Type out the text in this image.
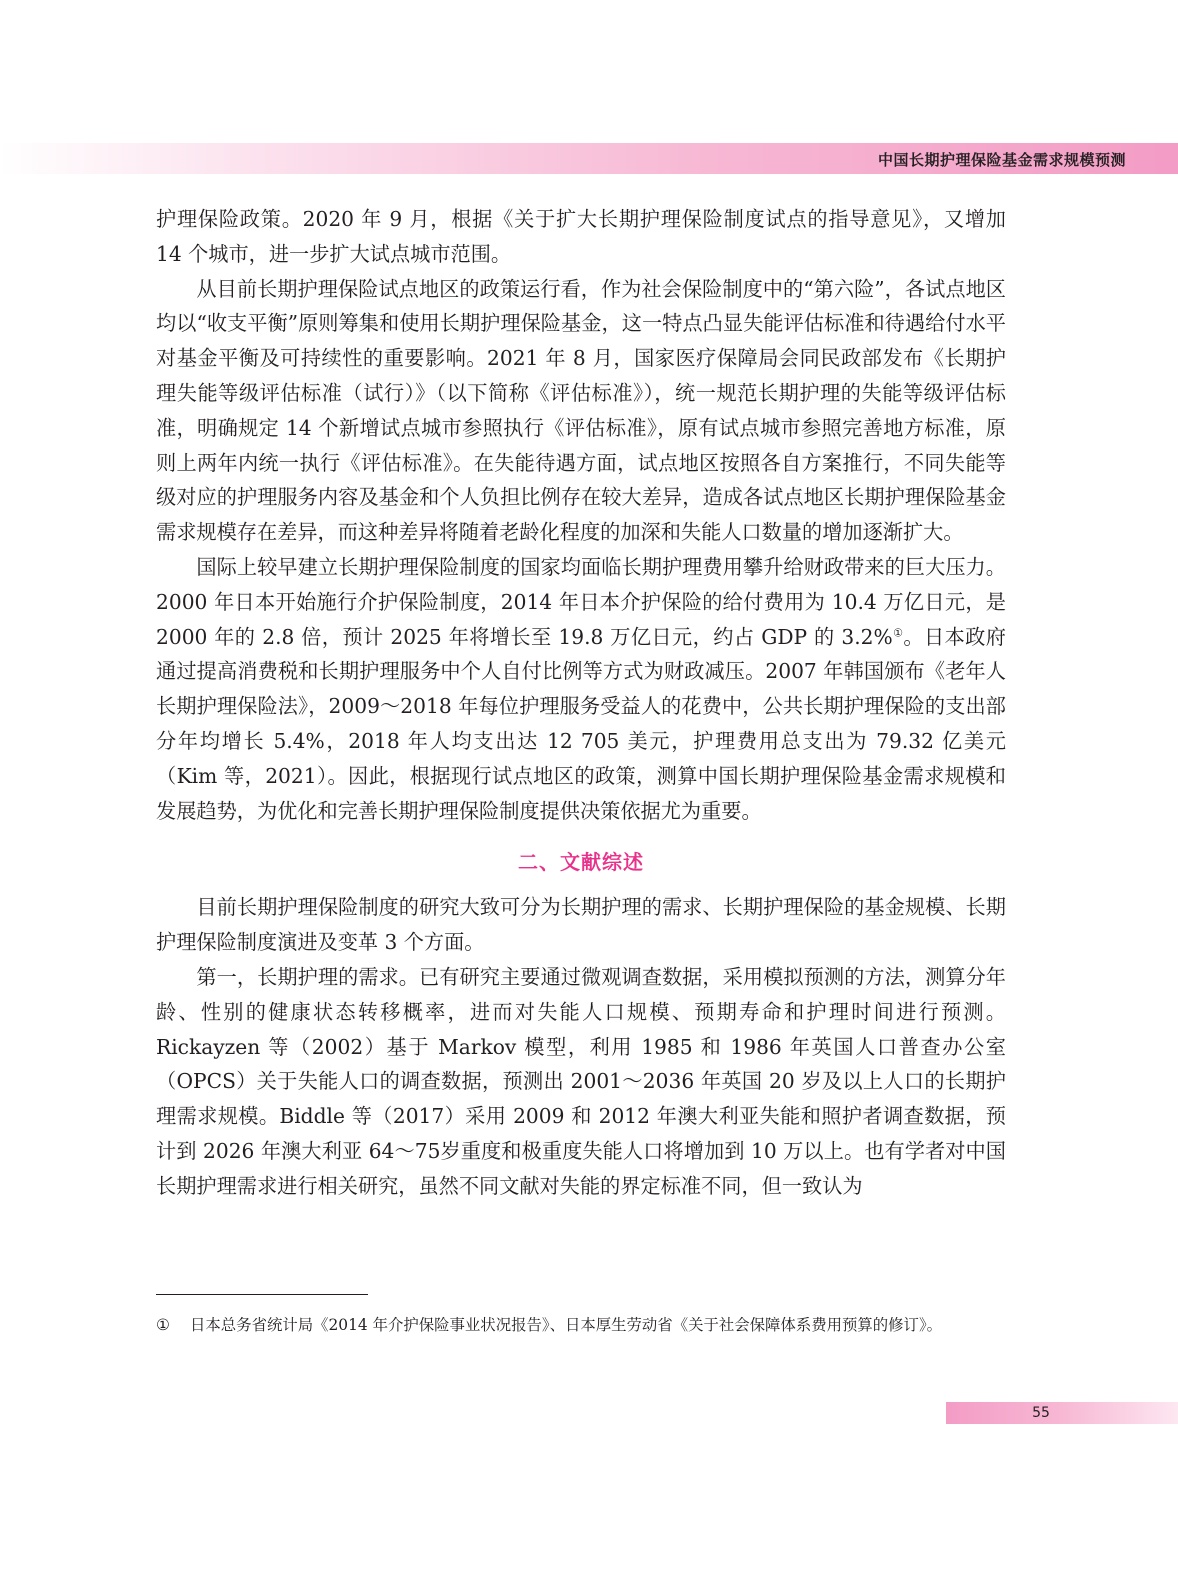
中国长期护理保险基金需求规模预测

护理保险政策。2020 年 9 月，根据《关于扩大长期护理保险制度试点的指导意见》，又增加 14 个城市，进一步扩大试点城市范围。

从目前长期护理保险试点地区的政策运行看，作为社会保险制度中的“第六险”，各试点地区均以“收支平衡”原则筹集和使用长期护理保险基金，这一特点凸显失能评估标准和待遇给付水平对基金平衡及可持续性的重要影响。2021 年 8 月，国家医疗保障局会同民政部发布《长期护理失能等级评估标准（试行）》（以下简称《评估标准》），统一规范长期护理的失能等级评估标准，明确规定 14 个新增试点城市参照执行《评估标准》，原有试点城市参照完善地方标准，原则上两年内统一执行《评估标准》。在失能待遇方面，试点地区按照各自方案推行，不同失能等级对应的护理服务内容及基金和个人负担比例存在较大差异，造成各试点地区长期护理保险基金需求规模存在差异，而这种差异将随着老龄化程度的加深和失能人口数量的增加逐渐扩大。

国际上较早建立长期护理保险制度的国家均面临长期护理费用攀升给财政带来的巨大压力。2000 年日本开始施行介护保险制度，2014 年日本介护保险的给付费用为 10.4 万亿日元，是 2000 年的 2.8 倍，预计 2025 年将增长至 19.8 万亿日元，约占 GDP 的 3.2%①。日本政府通过提高消费税和长期护理服务中个人自付比例等方式为财政减压。2007 年韩国颁布《老年人长期护理保险法》，2009～2018 年每位护理服务受益人的花费中，公共长期护理保险的支出部分年均增长 5.4%，2018 年人均支出达 12 705 美元，护理费用总支出为 79.32 亿美元（Kim 等，2021）。因此，根据现行试点地区的政策，测算中国长期护理保险基金需求规模和发展趋势，为优化和完善长期护理保险制度提供决策依据尤为重要。

二、文献综述

目前长期护理保险制度的研究大致可分为长期护理的需求、长期护理保险的基金规模、长期护理保险制度演进及变革 3 个方面。

第一，长期护理的需求。已有研究主要通过微观调查数据，采用模拟预测的方法，测算分年龄、性别的健康状态转移概率，进而对失能人口规模、预期寿命和护理时间进行预测。Rickayzen 等（2002）基于 Markov 模型，利用 1985 和 1986 年英国人口普查办公室（OPCS）关于失能人口的调查数据，预测出 2001～2036 年英国 20 岁及以上人口的长期护理需求规模。Biddle 等（2017）采用 2009 和 2012 年澳大利亚失能和照护者调查数据，预计到 2026 年澳大利亚 64～75岁重度和极重度失能人口将增加到 10 万以上。也有学者对中国长期护理需求进行相关研究，虽然不同文献对失能的界定标准不同，但一致认为

① 日本总务省统计局《2014 年介护保险事业状况报告》、日本厚生劳动省《关于社会保障体系费用预算的修订》。
55
